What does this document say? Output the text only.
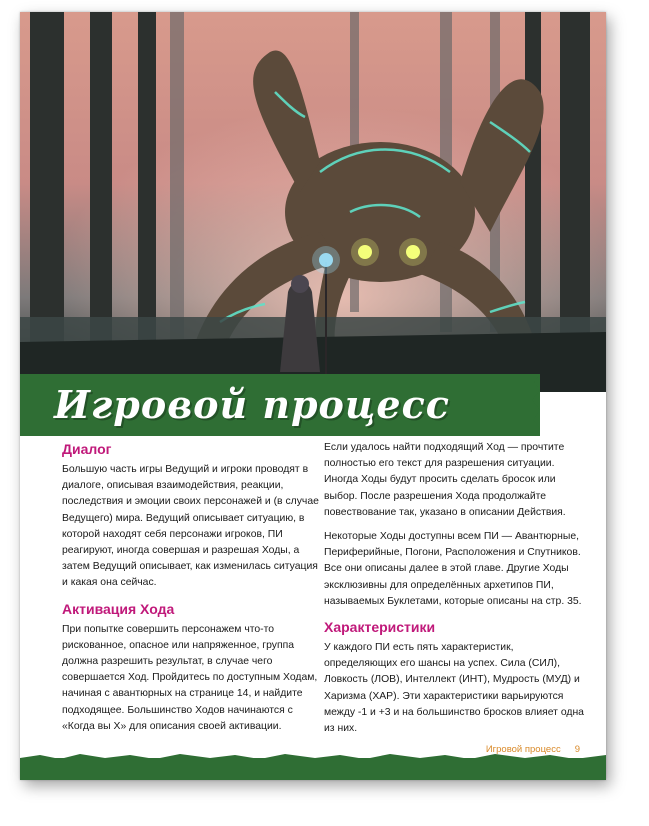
Игровой процесс
Диалог

Большую часть игры Ведущий и игроки проводят в диалоге, описывая взаимодействия, реакции, последствия и эмоции своих персонажей и (в случае Ведущего) мира. Ведущий описывает ситуацию, в которой находят себя персонажи игроков, ПИ реагируют, иногда совершая и разрешая Ходы, а затем Ведущий описывает, как изменилась ситуация и какая она сейчас.

Активация Хода

При попытке совершить персонажем что-то рискованное, опасное или напряженное, группа должна разрешить результат, в случае чего совершается Ход. Пройдитесь по доступным Ходам, начиная с авантюрных на странице 14, и найдите подходящее. Большинство Ходов начинаются с «Когда вы Х» для описания своей активации.

Если удалось найти подходящий Ход — прочтите полностью его текст для разрешения ситуации. Иногда Ходы будут просить сделать бросок или выбор. После разрешения Хода продолжайте повествование так, указано в описании Действия.

Некоторые Ходы доступны всем ПИ — Авантюрные, Периферийные, Погони, Расположения и Спутников. Все они описаны далее в этой главе. Другие Ходы эксклюзивны для определённых архетипов ПИ, называемых Буклетами, которые описаны на стр. 35.

Характеристики

У каждого ПИ есть пять характеристик, определяющих его шансы на успех. Сила (СИЛ), Ловкость (ЛОВ), Интеллект (ИНТ), Мудрость (МУД) и Харизма (ХАР). Эти характеристики варьируются между -1 и +3 и на большинство бросков влияет одна из них.

Игровой процесс 9
